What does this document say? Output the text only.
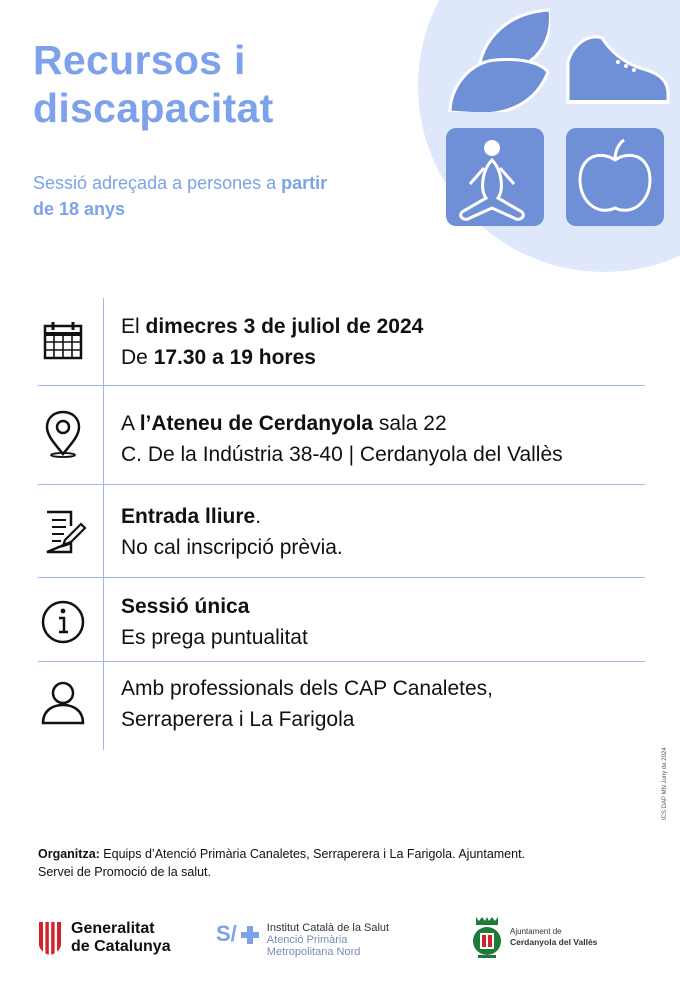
Recursos i
discapacitat

Sessió adreçada a persones a partir
de 18 anys

El dimecres 3 de juliol de 2024
De 17.30 a 19 hores
A l’Ateneu de Cerdanyola sala 22
C. De la Indústria 38-40 | Cerdanyola del Vallès
Entrada lliure.
No cal inscripció prèvia.
Sessió única
Es prega puntualitat
Amb professionals dels CAP Canaletes,
Serraperera i La Farigola
ICS DAP MN Juny de 2024

Organitza: Equips d’Atenció Primària Canaletes, Serraperera i La Farigola. Ajuntament.
Servei de Promoció de la salut.

Generalitat
de Catalunya
S/	Institut Català de la Salut
Atenció Primària
Metropolitana Nord
Ajuntament de
Cerdanyola del Vallès
